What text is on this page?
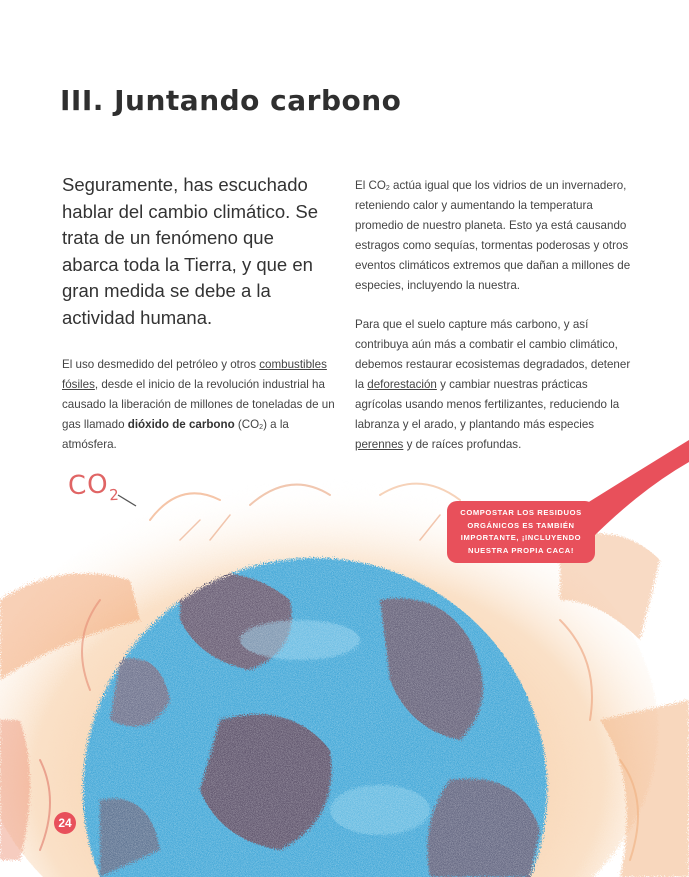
III. Juntando carbono

Seguramente, has escuchado hablar del cambio climático. Se trata de un fenómeno que abarca toda la Tierra, y que en gran medida se debe a la actividad humana.

El uso desmedido del petróleo y otros combustibles fósiles, desde el inicio de la revolución industrial ha causado la liberación de millones de toneladas de un gas llamado dióxido de carbono $(CO_2)$ a la atmósfera.

El $CO_2$ actúa igual que los vidrios de un invernadero, reteniendo calor y aumentando la temperatura promedio de nuestro planeta. Esto ya está causando estragos como sequías, tormentas poderosas y otros eventos climáticos extremos que dañan a millones de especies, incluyendo la nuestra.

Para que el suelo capture más carbono, y así contribuya aún más a combatir el cambio climático, debemos restaurar ecosistemas degradados, detener la deforestación y cambiar nuestras prácticas agrícolas usando menos fertilizantes, reduciendo la labranza y el arado, y plantando más especies perennes y de raíces profundas.

$CO_2$
COMPOSTAR LOS RESIDUOS ORGÁNICOS ES TAMBIÉN IMPORTANTE, ¡INCLUYENDO NUESTRA PROPIA CACA!
24
